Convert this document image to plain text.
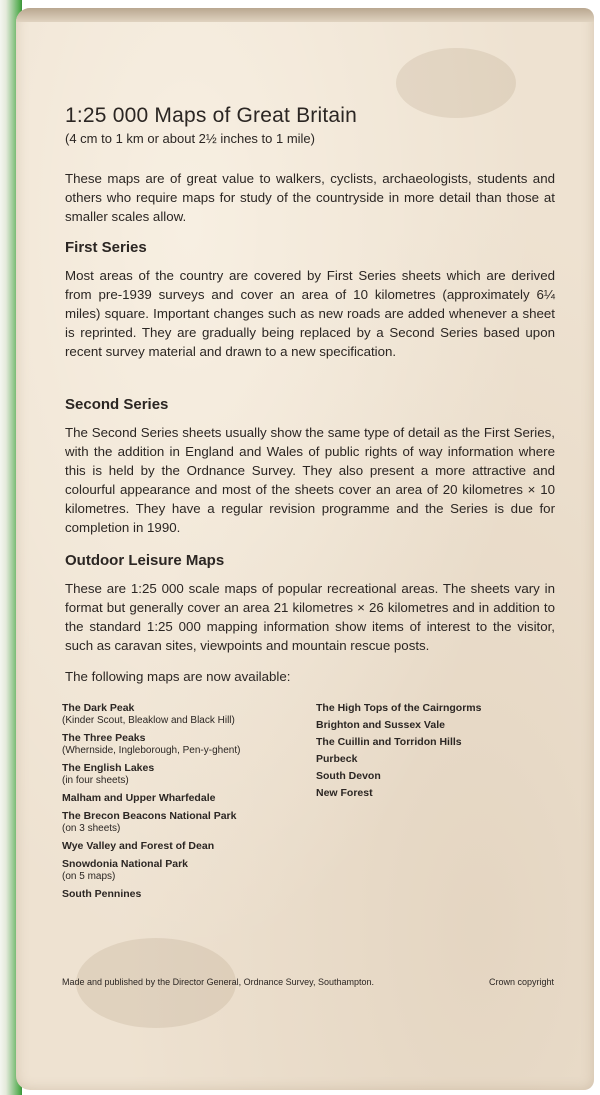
1:25 000 Maps of Great Britain
(4 cm to 1 km or about 2½ inches to 1 mile)

These maps are of great value to walkers, cyclists, archaeologists, students and others who require maps for study of the countryside in more detail than those at smaller scales allow.

First Series

Most areas of the country are covered by First Series sheets which are derived from pre-1939 surveys and cover an area of 10 kilometres (approximately 6¼ miles) square. Important changes such as new roads are added whenever a sheet is reprinted. They are gradually being replaced by a Second Series based upon recent survey material and drawn to a new specification.

Second Series

The Second Series sheets usually show the same type of detail as the First Series, with the addition in England and Wales of public rights of way information where this is held by the Ordnance Survey. They also present a more attractive and colourful appearance and most of the sheets cover an area of 20 kilometres × 10 kilometres. They have a regular revision programme and the Series is due for completion in 1990.

Outdoor Leisure Maps

These are 1:25 000 scale maps of popular recreational areas. The sheets vary in format but generally cover an area 21 kilometres × 26 kilometres and in addition to the standard 1:25 000 mapping information show items of interest to the visitor, such as caravan sites, viewpoints and mountain rescue posts.

The following maps are now available:

The Dark Peak
(Kinder Scout, Bleaklow and Black Hill)
The Three Peaks
(Whernside, Ingleborough, Pen-y-ghent)
The English Lakes
(in four sheets)
Malham and Upper Wharfedale
The Brecon Beacons National Park
(on 3 sheets)
Wye Valley and Forest of Dean
Snowdonia National Park
(on 5 maps)
South Pennines
The High Tops of the Cairngorms
Brighton and Sussex Vale
The Cuillin and Torridon Hills
Purbeck
South Devon
New Forest
Made and published by the Director General, Ordnance Survey, Southampton.	Crown copyright
